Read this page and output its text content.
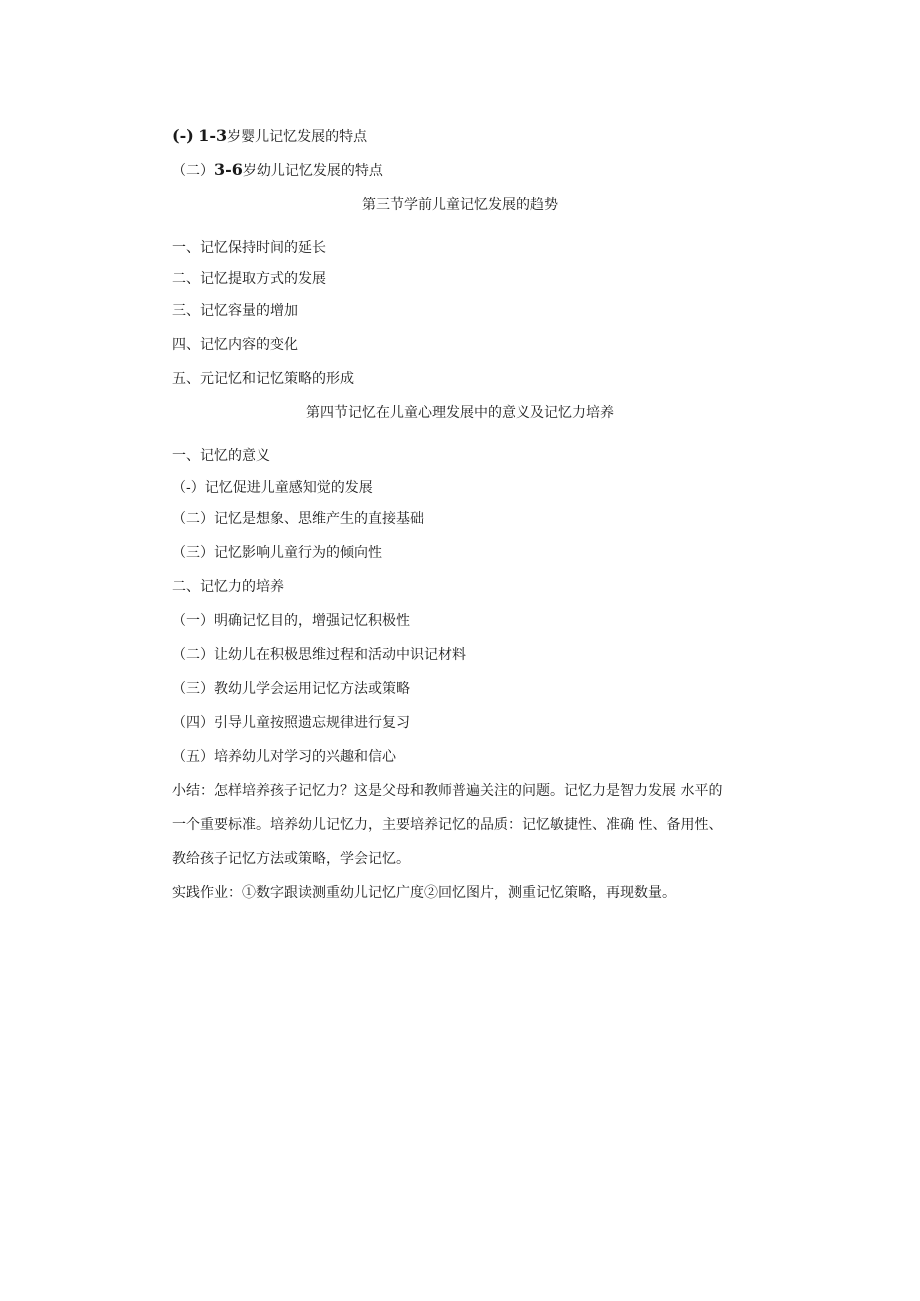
(-) 1-3岁婴儿记忆发展的特点
（二）3-6岁幼儿记忆发展的特点
第三节学前儿童记忆发展的趋势
一、记忆保持时间的延长
二、记忆提取方式的发展
三、记忆容量的增加
四、记忆内容的变化
五、元记忆和记忆策略的形成
第四节记忆在儿童心理发展中的意义及记忆力培养
一、记忆的意义
（-）记忆促进儿童感知觉的发展
（二）记忆是想象、思维产生的直接基础
（三）记忆影响儿童行为的倾向性
二、记忆力的培养
（一）明确记忆目的，增强记忆积极性
（二）让幼儿在积极思维过程和活动中识记材料
（三）教幼儿学会运用记忆方法或策略
（四）引导儿童按照遗忘规律进行复习
（五）培养幼儿对学习的兴趣和信心
小结：怎样培养孩子记忆力？这是父母和教师普遍关注的问题。记忆力是智力发展 水平的
一个重要标准。培养幼儿记忆力，主要培养记忆的品质：记忆敏捷性、准确 性、备用性、
教给孩子记忆方法或策略，学会记忆。
实践作业：①数字跟读测重幼儿记忆广度②回忆图片，测重记忆策略，再现数量。
